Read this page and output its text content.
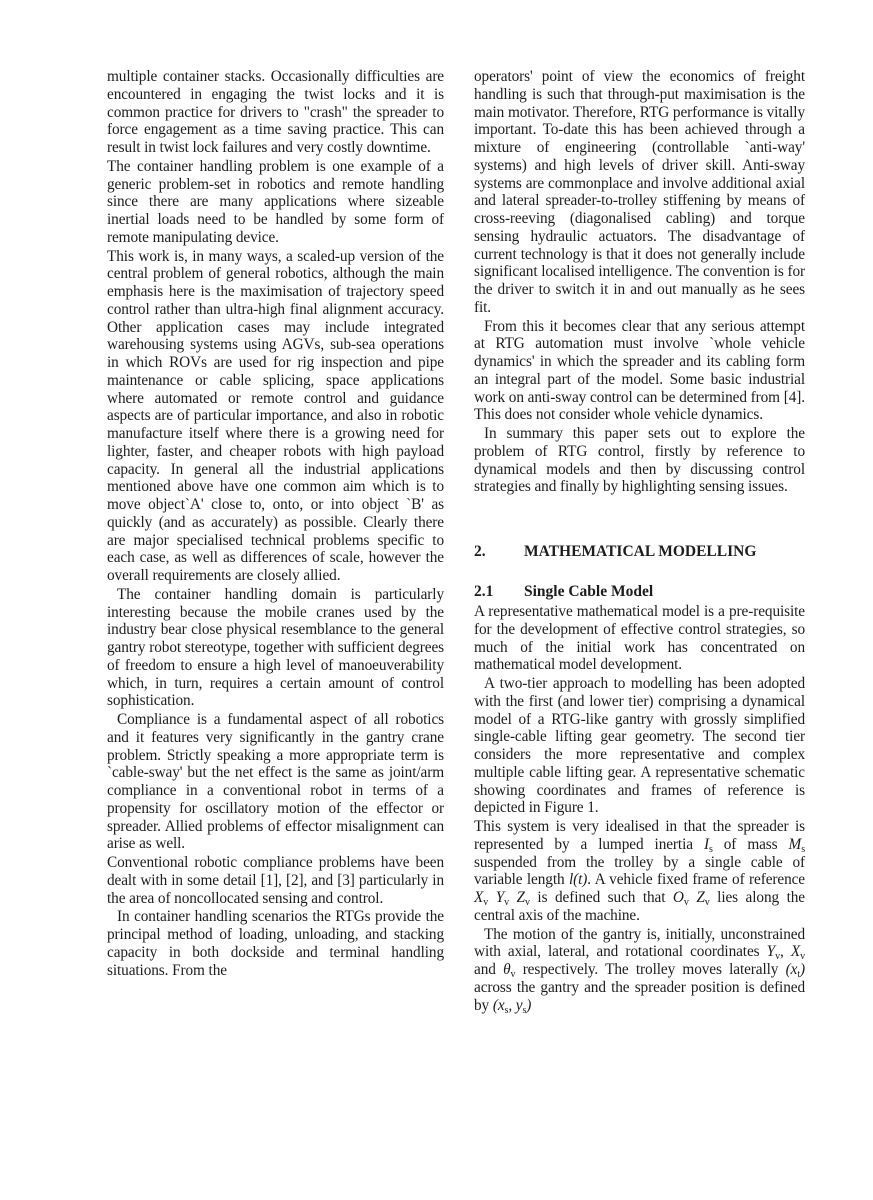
multiple container stacks. Occasionally difficulties are encountered in engaging the twist locks and it is common practice for drivers to "crash" the spreader to force engagement as a time saving practice. This can result in twist lock failures and very costly downtime.

The container handling problem is one example of a generic problem-set in robotics and remote handling since there are many applications where sizeable inertial loads need to be handled by some form of remote manipulating device.

This work is, in many ways, a scaled-up version of the central problem of general robotics, although the main emphasis here is the maximisation of trajectory speed control rather than ultra-high final alignment accuracy. Other application cases may include integrated warehousing systems using AGVs, sub-sea operations in which ROVs are used for rig inspection and pipe maintenance or cable splicing, space applications where automated or remote control and guidance aspects are of particular importance, and also in robotic manufacture itself where there is a growing need for lighter, faster, and cheaper robots with high payload capacity. In general all the industrial applications mentioned above have one common aim which is to move object`A' close to, onto, or into object `B' as quickly (and as accurately) as possible. Clearly there are major specialised technical problems specific to each case, as well as differences of scale, however the overall requirements are closely allied.

The container handling domain is particularly interesting because the mobile cranes used by the industry bear close physical resemblance to the general gantry robot stereotype, together with sufficient degrees of freedom to ensure a high level of manoeuverability which, in turn, requires a certain amount of control sophistication.

Compliance is a fundamental aspect of all robotics and it features very significantly in the gantry crane problem. Strictly speaking a more appropriate term is `cable-sway' but the net effect is the same as joint/arm compliance in a conventional robot in terms of a propensity for oscillatory motion of the effector or spreader. Allied problems of effector misalignment can arise as well.

Conventional robotic compliance problems have been dealt with in some detail [1], [2], and [3] particularly in the area of noncollocated sensing and control.

In container handling scenarios the RTGs provide the principal method of loading, unloading, and stacking capacity in both dockside and terminal handling situations. From the

operators' point of view the economics of freight handling is such that through-put maximisation is the main motivator. Therefore, RTG performance is vitally important. To-date this has been achieved through a mixture of engineering (controllable `anti-way' systems) and high levels of driver skill. Anti-sway systems are commonplace and involve additional axial and lateral spreader-to-trolley stiffening by means of cross-reeving (diagonalised cabling) and torque sensing hydraulic actuators. The disadvantage of current technology is that it does not generally include significant localised intelligence. The convention is for the driver to switch it in and out manually as he sees fit.

From this it becomes clear that any serious attempt at RTG automation must involve `whole vehicle dynamics' in which the spreader and its cabling form an integral part of the model. Some basic industrial work on anti-sway control can be determined from [4]. This does not consider whole vehicle dynamics.

In summary this paper sets out to explore the problem of RTG control, firstly by reference to dynamical models and then by discussing control strategies and finally by highlighting sensing issues.

2.	MATHEMATICAL MODELLING
2.1	Single Cable Model

A representative mathematical model is a pre-requisite for the development of effective control strategies, so much of the initial work has concentrated on mathematical model development.

A two-tier approach to modelling has been adopted with the first (and lower tier) comprising a dynamical model of a RTG-like gantry with grossly simplified single-cable lifting gear geometry. The second tier considers the more representative and complex multiple cable lifting gear. A representative schematic showing coordinates and frames of reference is depicted in Figure 1.

This system is very idealised in that the spreader is represented by a lumped inertia $I_s$ of mass $M_s$ suspended from the trolley by a single cable of variable length l(t). A vehicle fixed frame of reference $X_v$ $Y_v$ $Z_v$ is defined such that $O_v$ $Z_v$ lies along the central axis of the machine.

The motion of the gantry is, initially, unconstrained with axial, lateral, and rotational coordinates $Y_v$, $X_v$ and $\theta_v$ respectively. The trolley moves laterally $(x_t)$ across the gantry and the spreader position is defined by ($x_s$, $y_s$)
